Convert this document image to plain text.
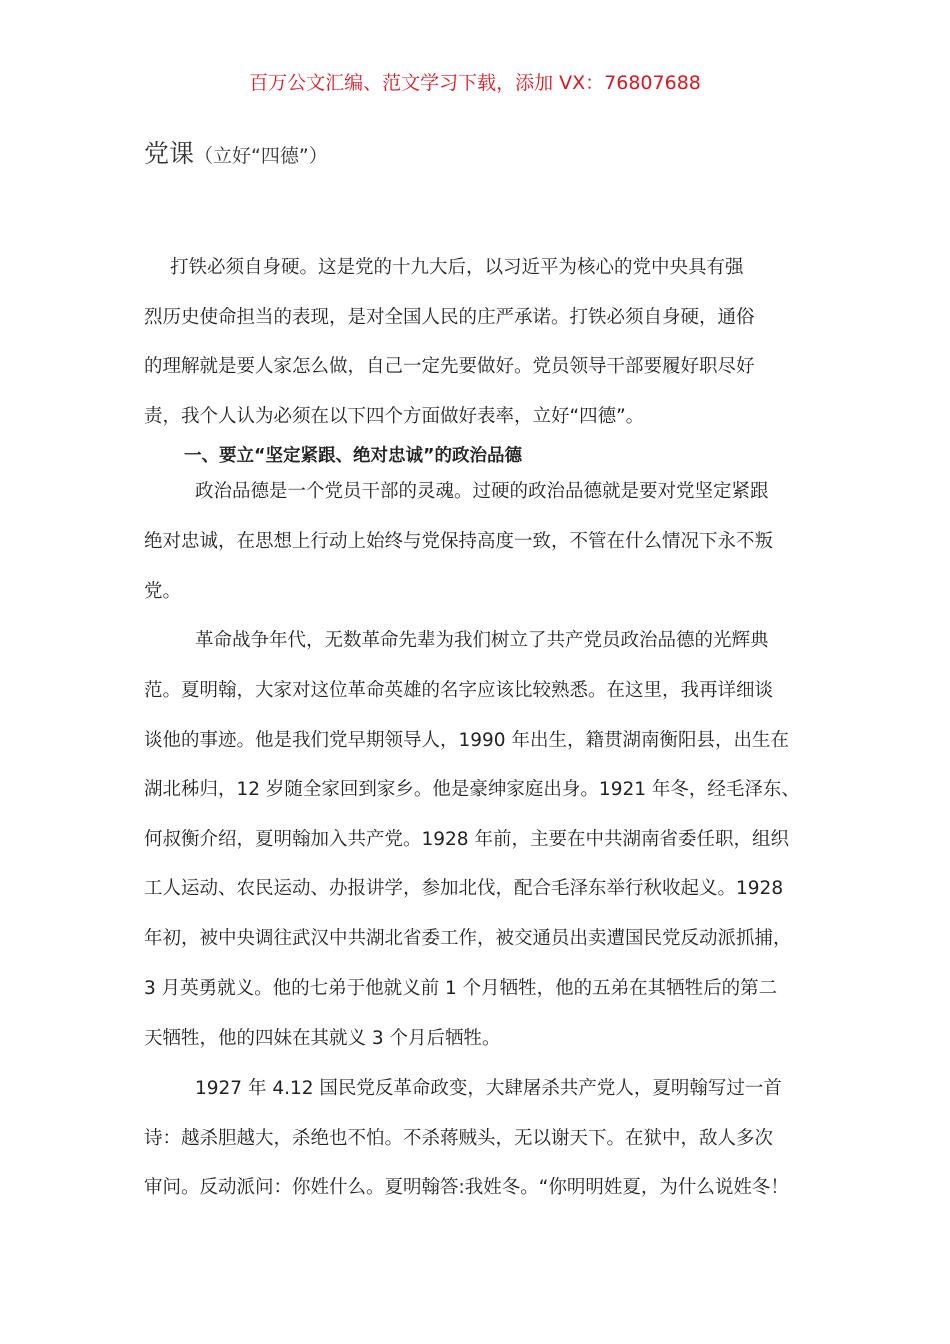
百万公文汇编、范文学习下载，添加 VX：76807688
党课（立好“四德”）
打铁必须自身硬。这是党的十九大后，以习近平为核心的党中央具有强
烈历史使命担当的表现，是对全国人民的庄严承诺。打铁必须自身硬，通俗
的理解就是要人家怎么做，自己一定先要做好。党员领导干部要履好职尽好
责，我个人认为必须在以下四个方面做好表率，立好“四德”。
一、要立“坚定紧跟、绝对忠诚”的政治品德
政治品德是一个党员干部的灵魂。过硬的政治品德就是要对党坚定紧跟
绝对忠诚，在思想上行动上始终与党保持高度一致，不管在什么情况下永不叛
党。
革命战争年代，无数革命先辈为我们树立了共产党员政治品德的光辉典
范。夏明翰，大家对这位革命英雄的名字应该比较熟悉。在这里，我再详细谈
谈他的事迹。他是我们党早期领导人，1990 年出生，籍贯湖南衡阳县，出生在
湖北秭归，12 岁随全家回到家乡。他是豪绅家庭出身。1921 年冬，经毛泽东、
何叔衡介绍，夏明翰加入共产党。1928 年前，主要在中共湖南省委任职，组织
工人运动、农民运动、办报讲学，参加北伐，配合毛泽东举行秋收起义。1928
年初，被中央调往武汉中共湖北省委工作，被交通员出卖遭国民党反动派抓捕，
3 月英勇就义。他的七弟于他就义前 1 个月牺牲，他的五弟在其牺牲后的第二
天牺牲，他的四妹在其就义 3 个月后牺牲。
1927 年 4.12 国民党反革命政变，大肆屠杀共产党人，夏明翰写过一首
诗：越杀胆越大，杀绝也不怕。不杀蒋贼头，无以谢天下。在狱中，敌人多次
审问。反动派问：你姓什么。夏明翰答:我姓冬。“你明明姓夏，为什么说姓冬！
